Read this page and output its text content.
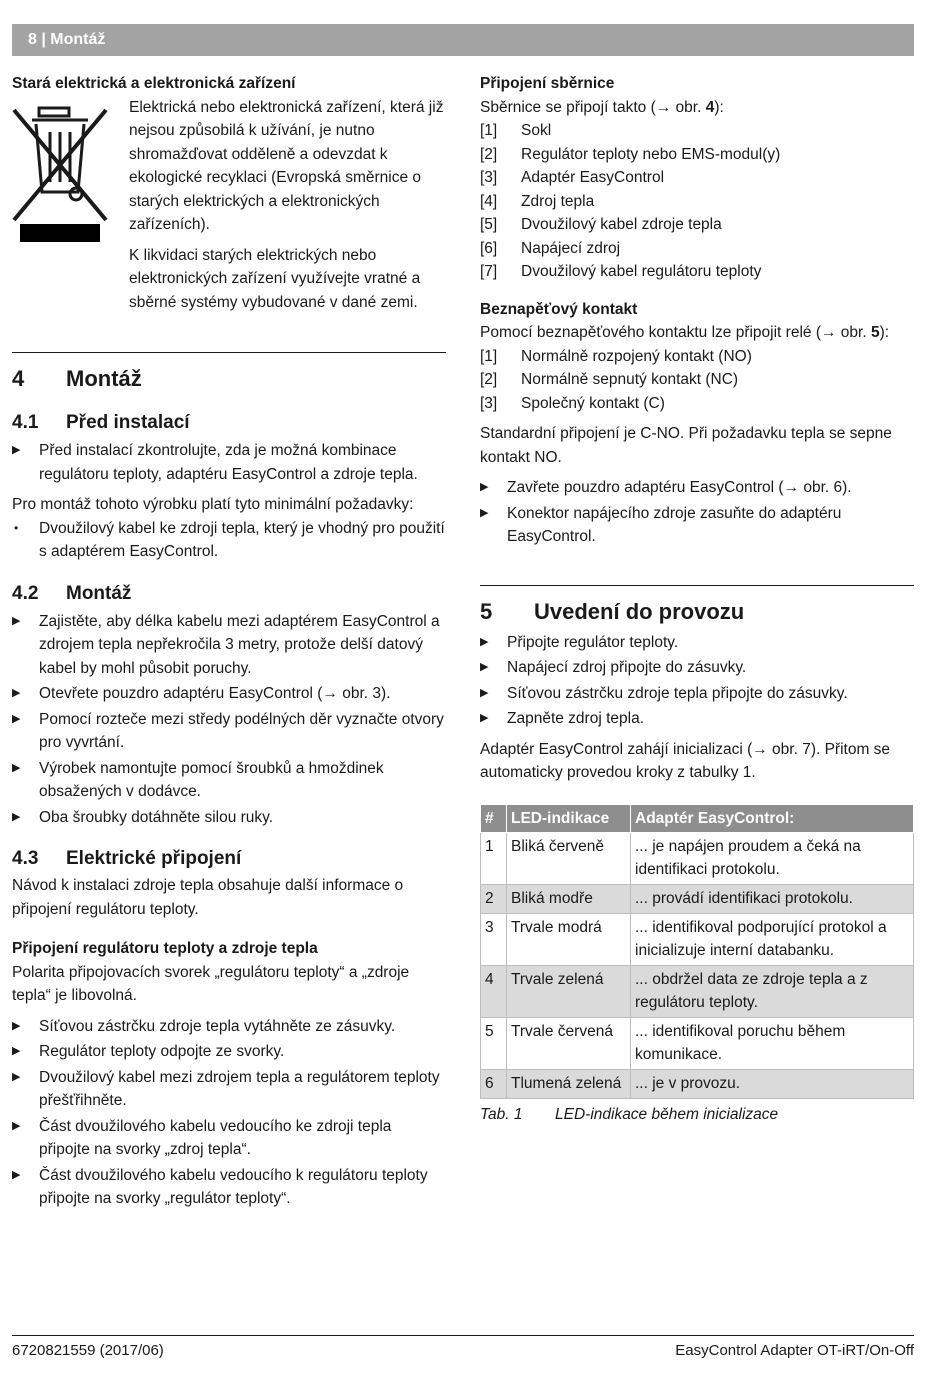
8 | Montáž

Stará elektrická a elektronická zařízení

Elektrická nebo elektronická zařízení, která již nejsou způsobilá k užívání, je nutno shromažďovat odděleně a odevzdat k ekologické recyklaci (Evropská směrnice o starých elektrických a elektronických zařízeních).

K likvidaci starých elektrických nebo elektronických zařízení využívejte vratné a sběrné systémy vybudované v dané zemi.

4	Montáž
4.1	Před instalací
▶ Před instalací zkontrolujte, zda je možná kombinace regulátoru teploty, adaptéru EasyControl a zdroje tepla.

Pro montáž tohoto výrobku platí tyto minimální požadavky:

• Dvoužilový kabel ke zdroji tepla, který je vhodný pro použití s adaptérem EasyControl.
4.2	Montáž
▶ Zajistěte, aby délka kabelu mezi adaptérem EasyControl a zdrojem tepla nepřekročila 3 metry, protože delší datový kabel by mohl působit poruchy.
▶ Otevřete pouzdro adaptéru EasyControl (→ obr. 3).
▶ Pomocí rozteče mezi středy podélných děr vyznačte otvory pro vyvrtání.
▶ Výrobek namontujte pomocí šroubků a hmoždinek obsažených v dodávce.
▶ Oba šroubky dotáhněte silou ruky.
4.3	Elektrické připojení

Návod k instalaci zdroje tepla obsahuje další informace o připojení regulátoru teploty.

Připojení regulátoru teploty a zdroje tepla

Polarita připojovacích svorek „regulátoru teploty“ a „zdroje tepla“ je libovolná.

▶ Síťovou zástrčku zdroje tepla vytáhněte ze zásuvky.
▶ Regulátor teploty odpojte ze svorky.
▶ Dvoužilový kabel mezi zdrojem tepla a regulátorem teploty přešťřihněte.
▶ Část dvoužilového kabelu vedoucího ke zdroji tepla připojte na svorky „zdroj tepla“.
▶ Část dvoužilového kabelu vedoucího k regulátoru teploty připojte na svorky „regulátor teploty“.

Připojení sběrnice

Sběrnice se připojí takto (→ obr. 4):

[1]	Sokl
[2]	Regulátor teploty nebo EMS-modul(y)
[3]	Adaptér EasyControl
[4]	Zdroj tepla
[5]	Dvoužilový kabel zdroje tepla
[6]	Napájecí zdroj
[7]	Dvoužilový kabel regulátoru teploty

Beznapěťový kontakt

Pomocí beznapěťového kontaktu lze připojit relé (→ obr. 5):

[1]	Normálně rozpojený kontakt (NO)
[2]	Normálně sepnutý kontakt (NC)
[3]	Společný kontakt (C)

Standardní připojení je C-NO. Při požadavku tepla se sepne kontakt NO.

▶ Zavřete pouzdro adaptéru EasyControl (→ obr. 6).
▶ Konektor napájecího zdroje zasuňte do adaptéru EasyControl.
5	Uvedení do provozu
▶ Připojte regulátor teploty.
▶ Napájecí zdroj připojte do zásuvky.
▶ Síťovou zástrčku zdroje tepla připojte do zásuvky.
▶ Zapněte zdroj tepla.

Adaptér EasyControl zahájí inicializaci (→ obr. 7). Přitom se automaticky provedou kroky z tabulky 1.

#	LED-indikace	Adaptér EasyControl:
1	Bliká červeně	... je napájen proudem a čeká na identifikaci protokolu.
2	Bliká modře	... provádí identifikaci protokolu.
3	Trvale modrá	... identifikoval podporující protokol a inicializuje interní databanku.
4	Trvale zelená	... obdržel data ze zdroje tepla a z regulátoru teploty.
5	Trvale červená	... identifikoval poruchu během komunikace.
6	Tlumená zelená	... je v provozu.
Tab. 1	LED-indikace během inicializace
6720821559 (2017/06)	EasyControl Adapter OT-iRT/On-Off
